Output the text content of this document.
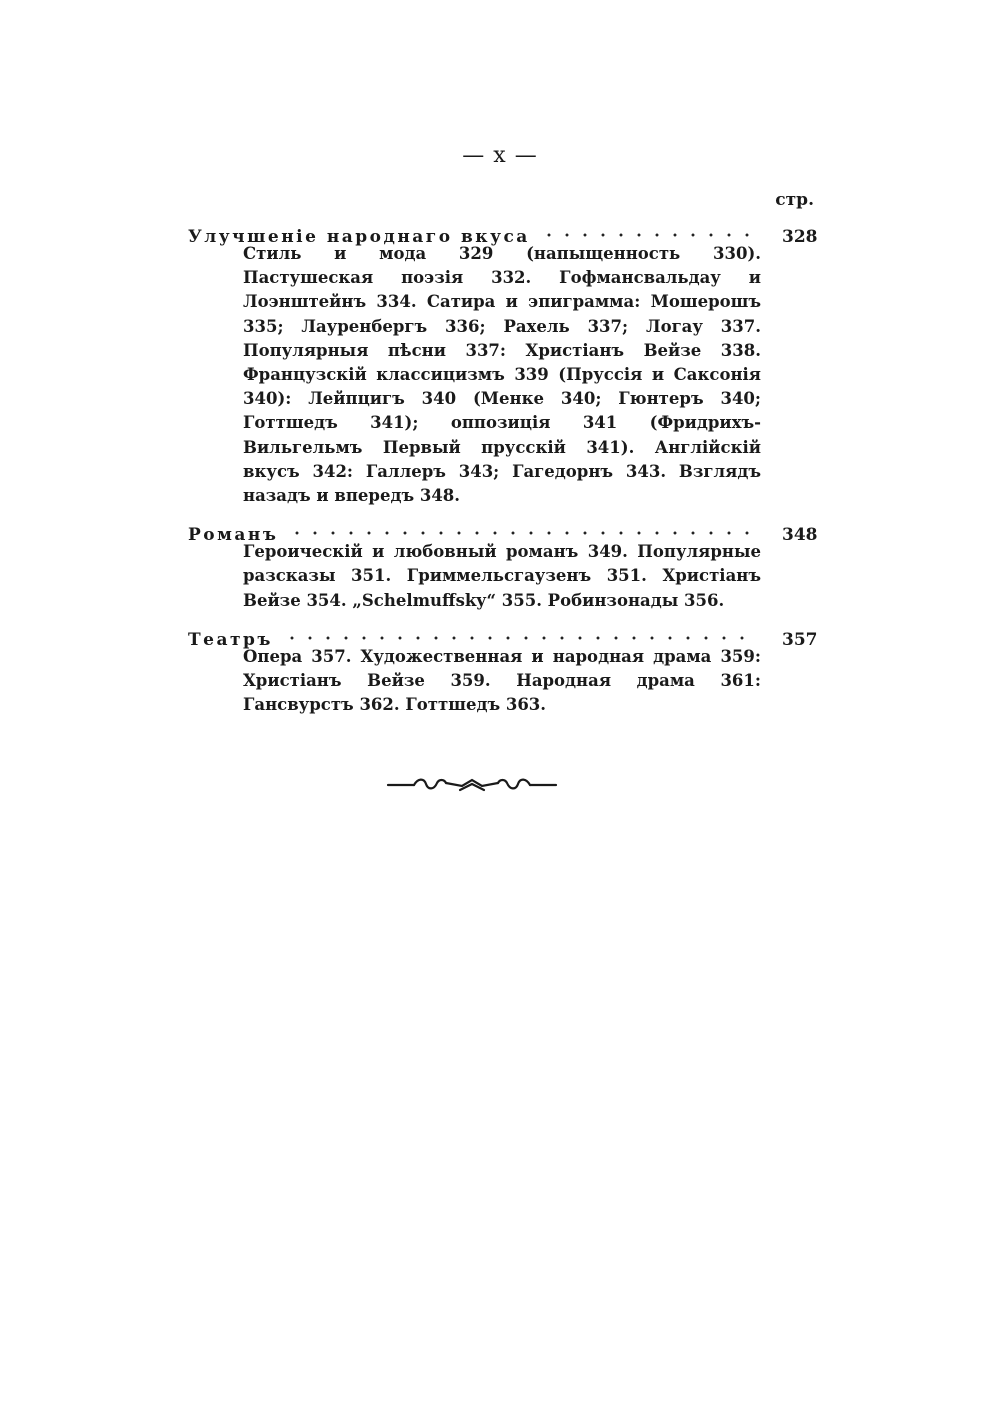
— x —
стр.
Улучшеніе народнаго вкуса	328
Стиль и мода 329 (напыщенность 330). Пастушеская поэзія 332. Гофмансвальдау и Лоэнштейнъ 334. Сатира и эпиграмма: Мошерошъ 335; Лауренбергъ 336; Рахель 337; Логау 337. Популярныя пѣсни 337: Христіанъ Вейзе 338. Французскій классицизмъ 339 (Пруссія и Саксонія 340): Лейпцигъ 340 (Менке 340; Гюнтеръ 340; Готтшедъ 341); оппозиція 341 (Фридрихъ-Вильгельмъ Первый прусскій 341). Англійскій вкусъ 342: Галлеръ 343; Гагедорнъ 343. Взглядъ назадъ и впередъ 348.
Романъ	348
Героическій и любовный романъ 349. Популярные разсказы 351. Гриммельсгаузенъ 351. Христіанъ Вейзе 354. „Schelmuffsky“ 355. Робинзонады 356.
Театръ	357
Опера 357. Художественная и народная драма 359: Христіанъ Вейзе 359. Народная драма 361: Гансвурстъ 362. Готтшедъ 363.
